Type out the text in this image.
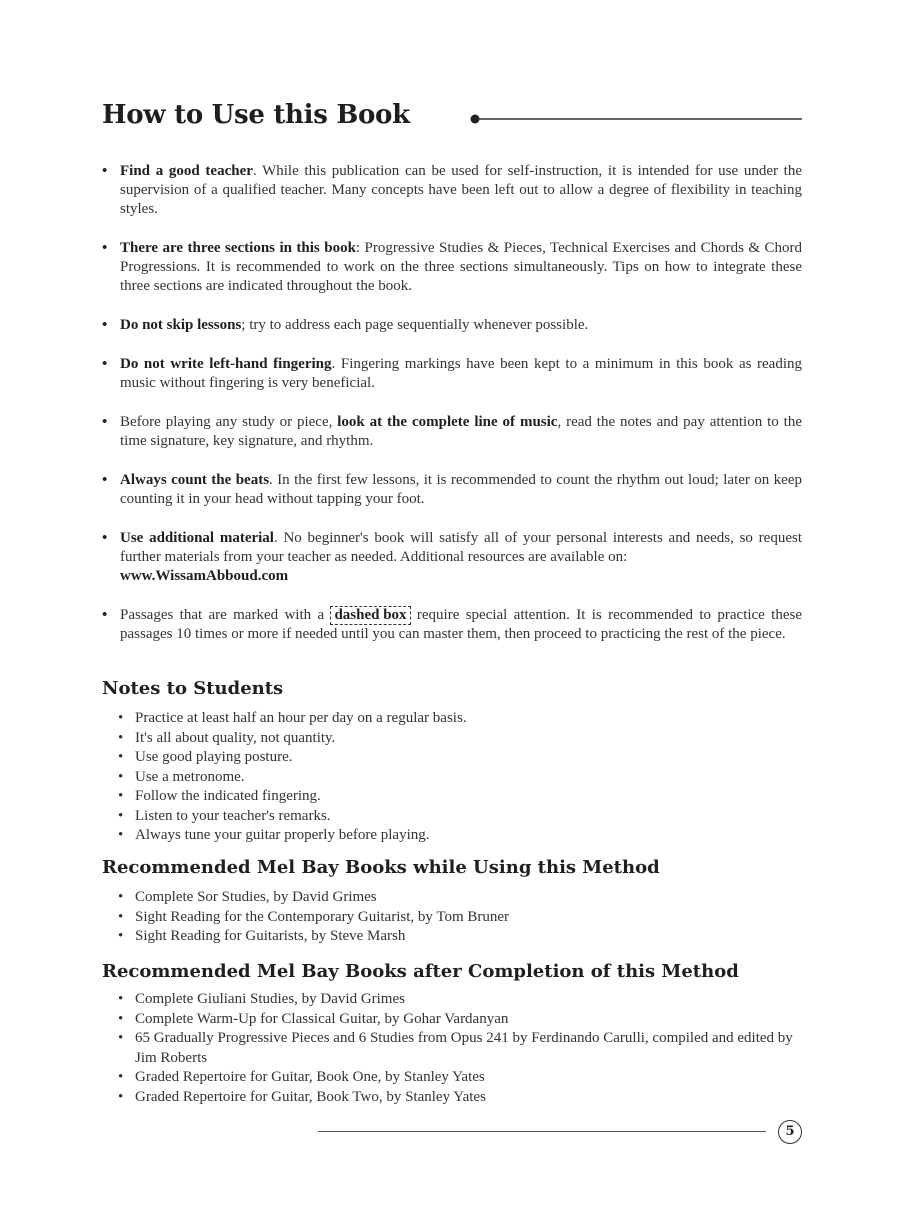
How to Use this Book
• Find a good teacher. While this publication can be used for self-instruction, it is intended for use under the supervision of a qualified teacher. Many concepts have been left out to allow a degree of flexibility in teaching styles.
• There are three sections in this book: Progressive Studies & Pieces, Technical Exercises and Chords & Chord Progressions. It is recommended to work on the three sections simultaneously. Tips on how to integrate these three sections are indicated throughout the book.
• Do not skip lessons; try to address each page sequentially whenever possible.
• Do not write left-hand fingering. Fingering markings have been kept to a minimum in this book as reading music without fingering is very beneficial.
• Before playing any study or piece, look at the complete line of music, read the notes and pay attention to the time signature, key signature, and rhythm.
• Always count the beats. In the first few lessons, it is recommended to count the rhythm out loud; later on keep counting it in your head without tapping your foot.
• Use additional material. No beginner's book will satisfy all of your personal interests and needs, so request further materials from your teacher as needed. Additional resources are available on:
www.WissamAbboud.com
• Passages that are marked with a dashed box require special attention. It is recommended to practice these passages 10 times or more if needed until you can master them, then proceed to practicing the rest of the piece.
Notes to Students
• Practice at least half an hour per day on a regular basis.
• It's all about quality, not quantity.
• Use good playing posture.
• Use a metronome.
• Follow the indicated fingering.
• Listen to your teacher's remarks.
• Always tune your guitar properly before playing.
Recommended Mel Bay Books while Using this Method
• Complete Sor Studies, by David Grimes
• Sight Reading for the Contemporary Guitarist, by Tom Bruner
• Sight Reading for Guitarists, by Steve Marsh
Recommended Mel Bay Books after Completion of this Method
• Complete Giuliani Studies, by David Grimes
• Complete Warm-Up for Classical Guitar, by Gohar Vardanyan
• 65 Gradually Progressive Pieces and 6 Studies from Opus 241 by Ferdinando Carulli, compiled and edited by Jim Roberts
• Graded Repertoire for Guitar, Book One, by Stanley Yates
• Graded Repertoire for Guitar, Book Two, by Stanley Yates
5
